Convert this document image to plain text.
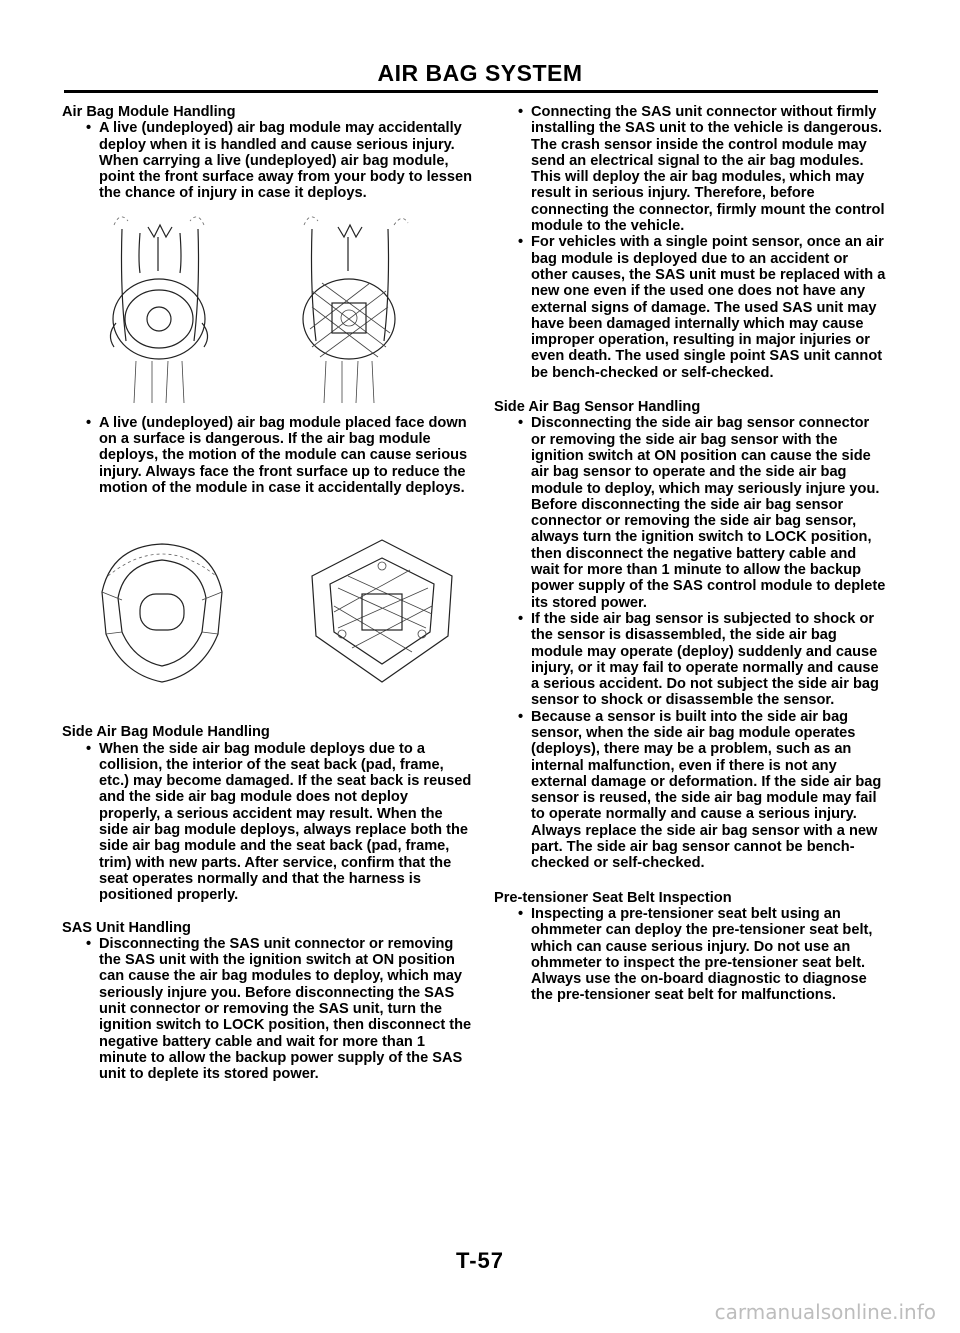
AIR BAG SYSTEM

Air Bag Module Handling

• A live (undeployed) air bag module may accidentally deploy when it is handled and cause serious injury. When carrying a live (undeployed) air bag module, point the front surface away from your body to lessen the chance of injury in case it deploys.

• A live (undeployed) air bag module placed face down on a surface is dangerous. If the air bag module deploys, the motion of the module can cause serious injury. Always face the front surface up to reduce the motion of the module in case it accidentally deploys.

Side Air Bag Module Handling

• When the side air bag module deploys due to a collision, the interior of the seat back (pad, frame, etc.) may become damaged. If the seat back is reused and the side air bag module does not deploy properly, a serious accident may result. When the side air bag module deploys, always replace both the side air bag module and the seat back (pad, frame, trim) with new parts. After service, confirm that the seat operates normally and that the harness is positioned properly.

SAS Unit Handling

• Disconnecting the SAS unit connector or removing the SAS unit with the ignition switch at ON position can cause the air bag modules to deploy, which may seriously injure you. Before disconnecting the SAS unit connector or removing the SAS unit, turn the ignition switch to LOCK position, then disconnect the negative battery cable and wait for more than 1 minute to allow the backup power supply of the SAS unit to deplete its stored power.

• Connecting the SAS unit connector without firmly installing the SAS unit to the vehicle is dangerous. The crash sensor inside the control module may send an electrical signal to the air bag modules. This will deploy the air bag modules, which may result in serious injury. Therefore, before connecting the connector, firmly mount the control module to the vehicle.

• For vehicles with a single point sensor, once an air bag module is deployed due to an accident or other causes, the SAS unit must be replaced with a new one even if the used one does not have any external signs of damage. The used SAS unit may have been damaged internally which may cause improper operation, resulting in major injuries or even death. The used single point SAS unit cannot be bench-checked or self-checked.

Side Air Bag Sensor Handling

• Disconnecting the side air bag sensor connector or removing the side air bag sensor with the ignition switch at ON position can cause the side air bag sensor to operate and the side air bag module to deploy, which may seriously injure you. Before disconnecting the side air bag sensor connector or removing the side air bag sensor, always turn the ignition switch to LOCK position, then disconnect the negative battery cable and wait for more than 1 minute to allow the backup power supply of the SAS control module to deplete its stored power.

• If the side air bag sensor is subjected to shock or the sensor is disassembled, the side air bag module may operate (deploy) suddenly and cause injury, or it may fail to operate normally and cause a serious accident. Do not subject the side air bag sensor to shock or disassemble the sensor.

• Because a sensor is built into the side air bag sensor, when the side air bag module operates (deploys), there may be a problem, such as an internal malfunction, even if there is not any external damage or deformation. If the side air bag sensor is reused, the side air bag module may fail to operate normally and cause a serious injury. Always replace the side air bag sensor with a new part. The side air bag sensor cannot be bench-checked or self-checked.

Pre-tensioner Seat Belt Inspection

• Inspecting a pre-tensioner seat belt using an ohmmeter can deploy the pre-tensioner seat belt, which can cause serious injury. Do not use an ohmmeter to inspect the pre-tensioner seat belt. Always use the on-board diagnostic to diagnose the pre-tensioner seat belt for malfunctions.

T-57
carmanualsonline.info
